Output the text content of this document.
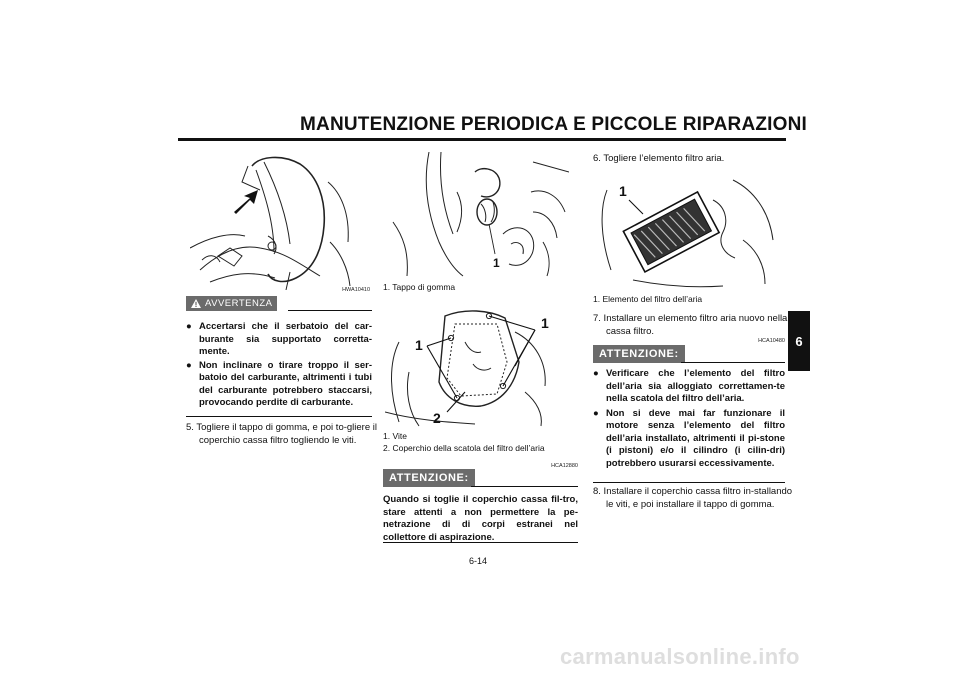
MANUTENZIONE PERIODICA E PICCOLE RIPARAZIONI
6
HWA10410
AVVERTENZA
● Accertarsi che il serbatoio del car-burante sia supportato corretta-mente.
● Non inclinare o tirare troppo il ser-batoio del carburante, altrimenti i tubi del carburante potrebbero staccarsi, provocando perdite di carburante.
5. Togliere il tappo di gomma, e poi to-gliere il coperchio cassa filtro togliendo le viti.
1
1. Tappo di gomma
1
1
2
1. Vite
2. Coperchio della scatola del filtro dell’aria
HCA12880
ATTENZIONE:
Quando si toglie il coperchio cassa fil-tro, stare attenti a non permettere la pe-netrazione di di corpi estranei nel collettore di aspirazione.
6. Togliere l’elemento filtro aria.
1
1. Elemento del filtro dell’aria
7. Installare un elemento filtro aria nuovo nella cassa filtro.
HCA10480
ATTENZIONE:
● Verificare che l’elemento del filtro dell’aria sia alloggiato correttamen-te nella scatola del filtro dell’aria.
● Non si deve mai far funzionare il motore senza l’elemento del filtro dell’aria installato, altrimenti il pi-stone (i pistoni) e/o il cilindro (i cilin-dri) potrebbero usurarsi eccessivamente.
8. Installare il coperchio cassa filtro in-stallando le viti, e poi installare il tappo di gomma.
6-14
carmanualsonline.info
